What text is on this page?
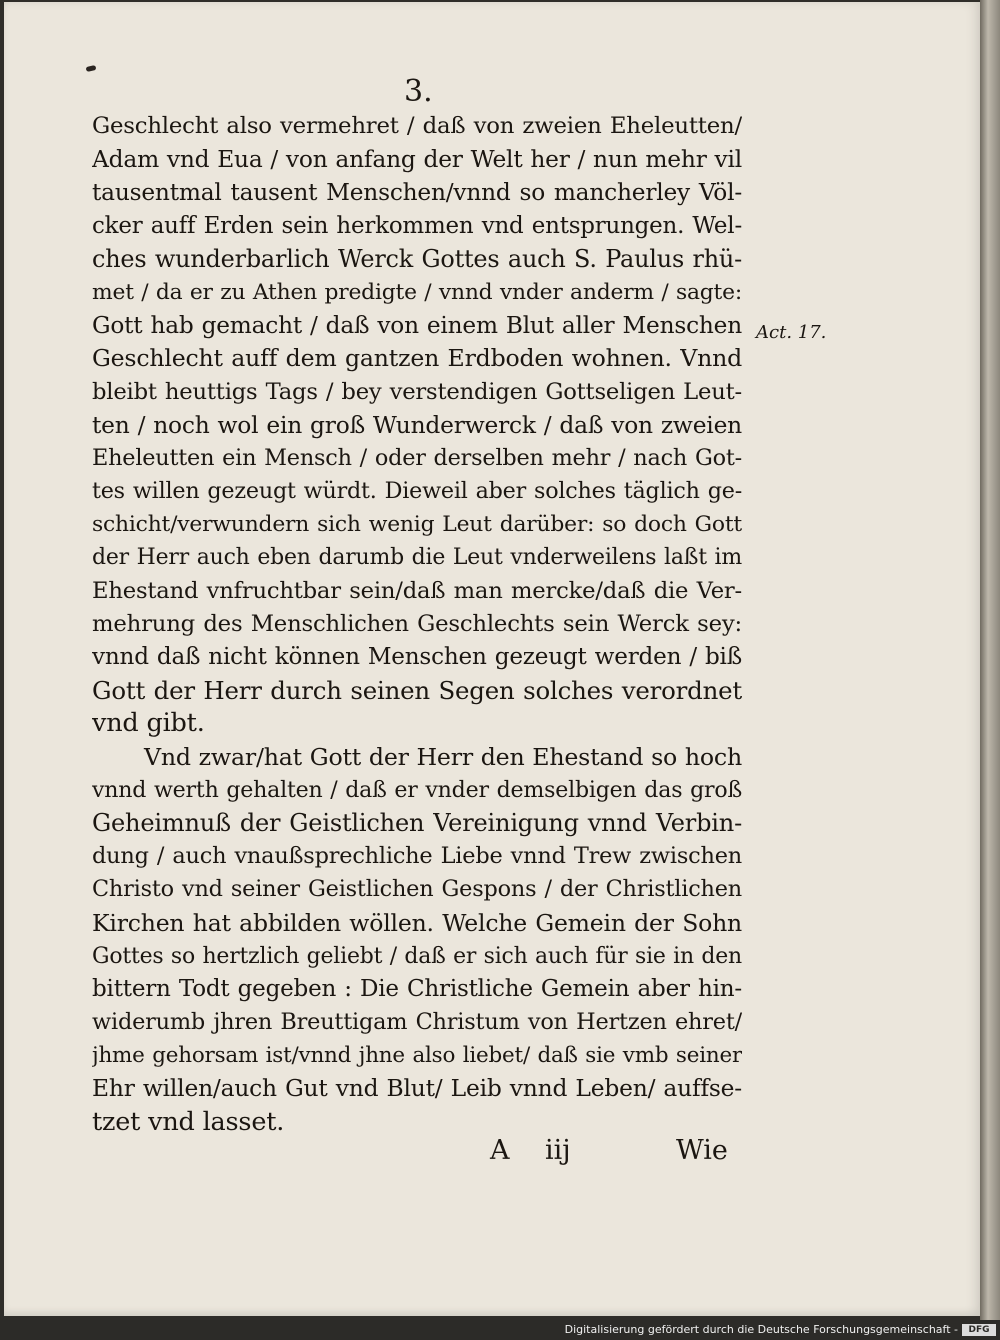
3.
Geschlecht also vermehret / daß von zweien Eheleutten/
Adam vnd Eua / von anfang der Welt her / nun mehr vil
tausentmal tausent Menschen/vnnd so mancherley Völ-
cker auff Erden sein herkommen vnd entsprungen. Wel-
ches wunderbarlich Werck Gottes auch S. Paulus rhü-
met / da er zu Athen predigte / vnnd vnder anderm / sagte:
Gott hab gemacht / daß von einem Blut aller Menschen
Geschlecht auff dem gantzen Erdboden wohnen. Vnnd
bleibt heuttigs Tags / bey verstendigen Gottseligen Leut-
ten / noch wol ein groß Wunderwerck / daß von zweien
Eheleutten ein Mensch / oder derselben mehr / nach Got-
tes willen gezeugt würdt. Dieweil aber solches täglich ge-
schicht/verwundern sich wenig Leut darüber: so doch Gott
der Herr auch eben darumb die Leut vnderweilens laßt im
Ehestand vnfruchtbar sein/daß man mercke/daß die Ver-
mehrung des Menschlichen Geschlechts sein Werck sey:
vnnd daß nicht können Menschen gezeugt werden / biß
Gott der Herr durch seinen Segen solches verordnet
vnd gibt.
Vnd zwar/hat Gott der Herr den Ehestand so hoch
vnnd werth gehalten / daß er vnder demselbigen das groß
Geheimnuß der Geistlichen Vereinigung vnnd Verbin-
dung / auch vnaußsprechliche Liebe vnnd Trew zwischen
Christo vnd seiner Geistlichen Gespons / der Christlichen
Kirchen hat abbilden wöllen. Welche Gemein der Sohn
Gottes so hertzlich geliebt / daß er sich auch für sie in den
bittern Todt gegeben : Die Christliche Gemein aber hin-
widerumb jhren Breuttigam Christum von Hertzen ehret/
jhme gehorsam ist/vnnd jhne also liebet/ daß sie vmb seiner
Ehr willen/auch Gut vnd Blut/ Leib vnnd Leben/ auffse-
tzet vnd lasset.
Act. 17.
A iij	Wie
Digitalisierung gefördert durch die Deutsche Forschungsgemeinschaft -	DFG
